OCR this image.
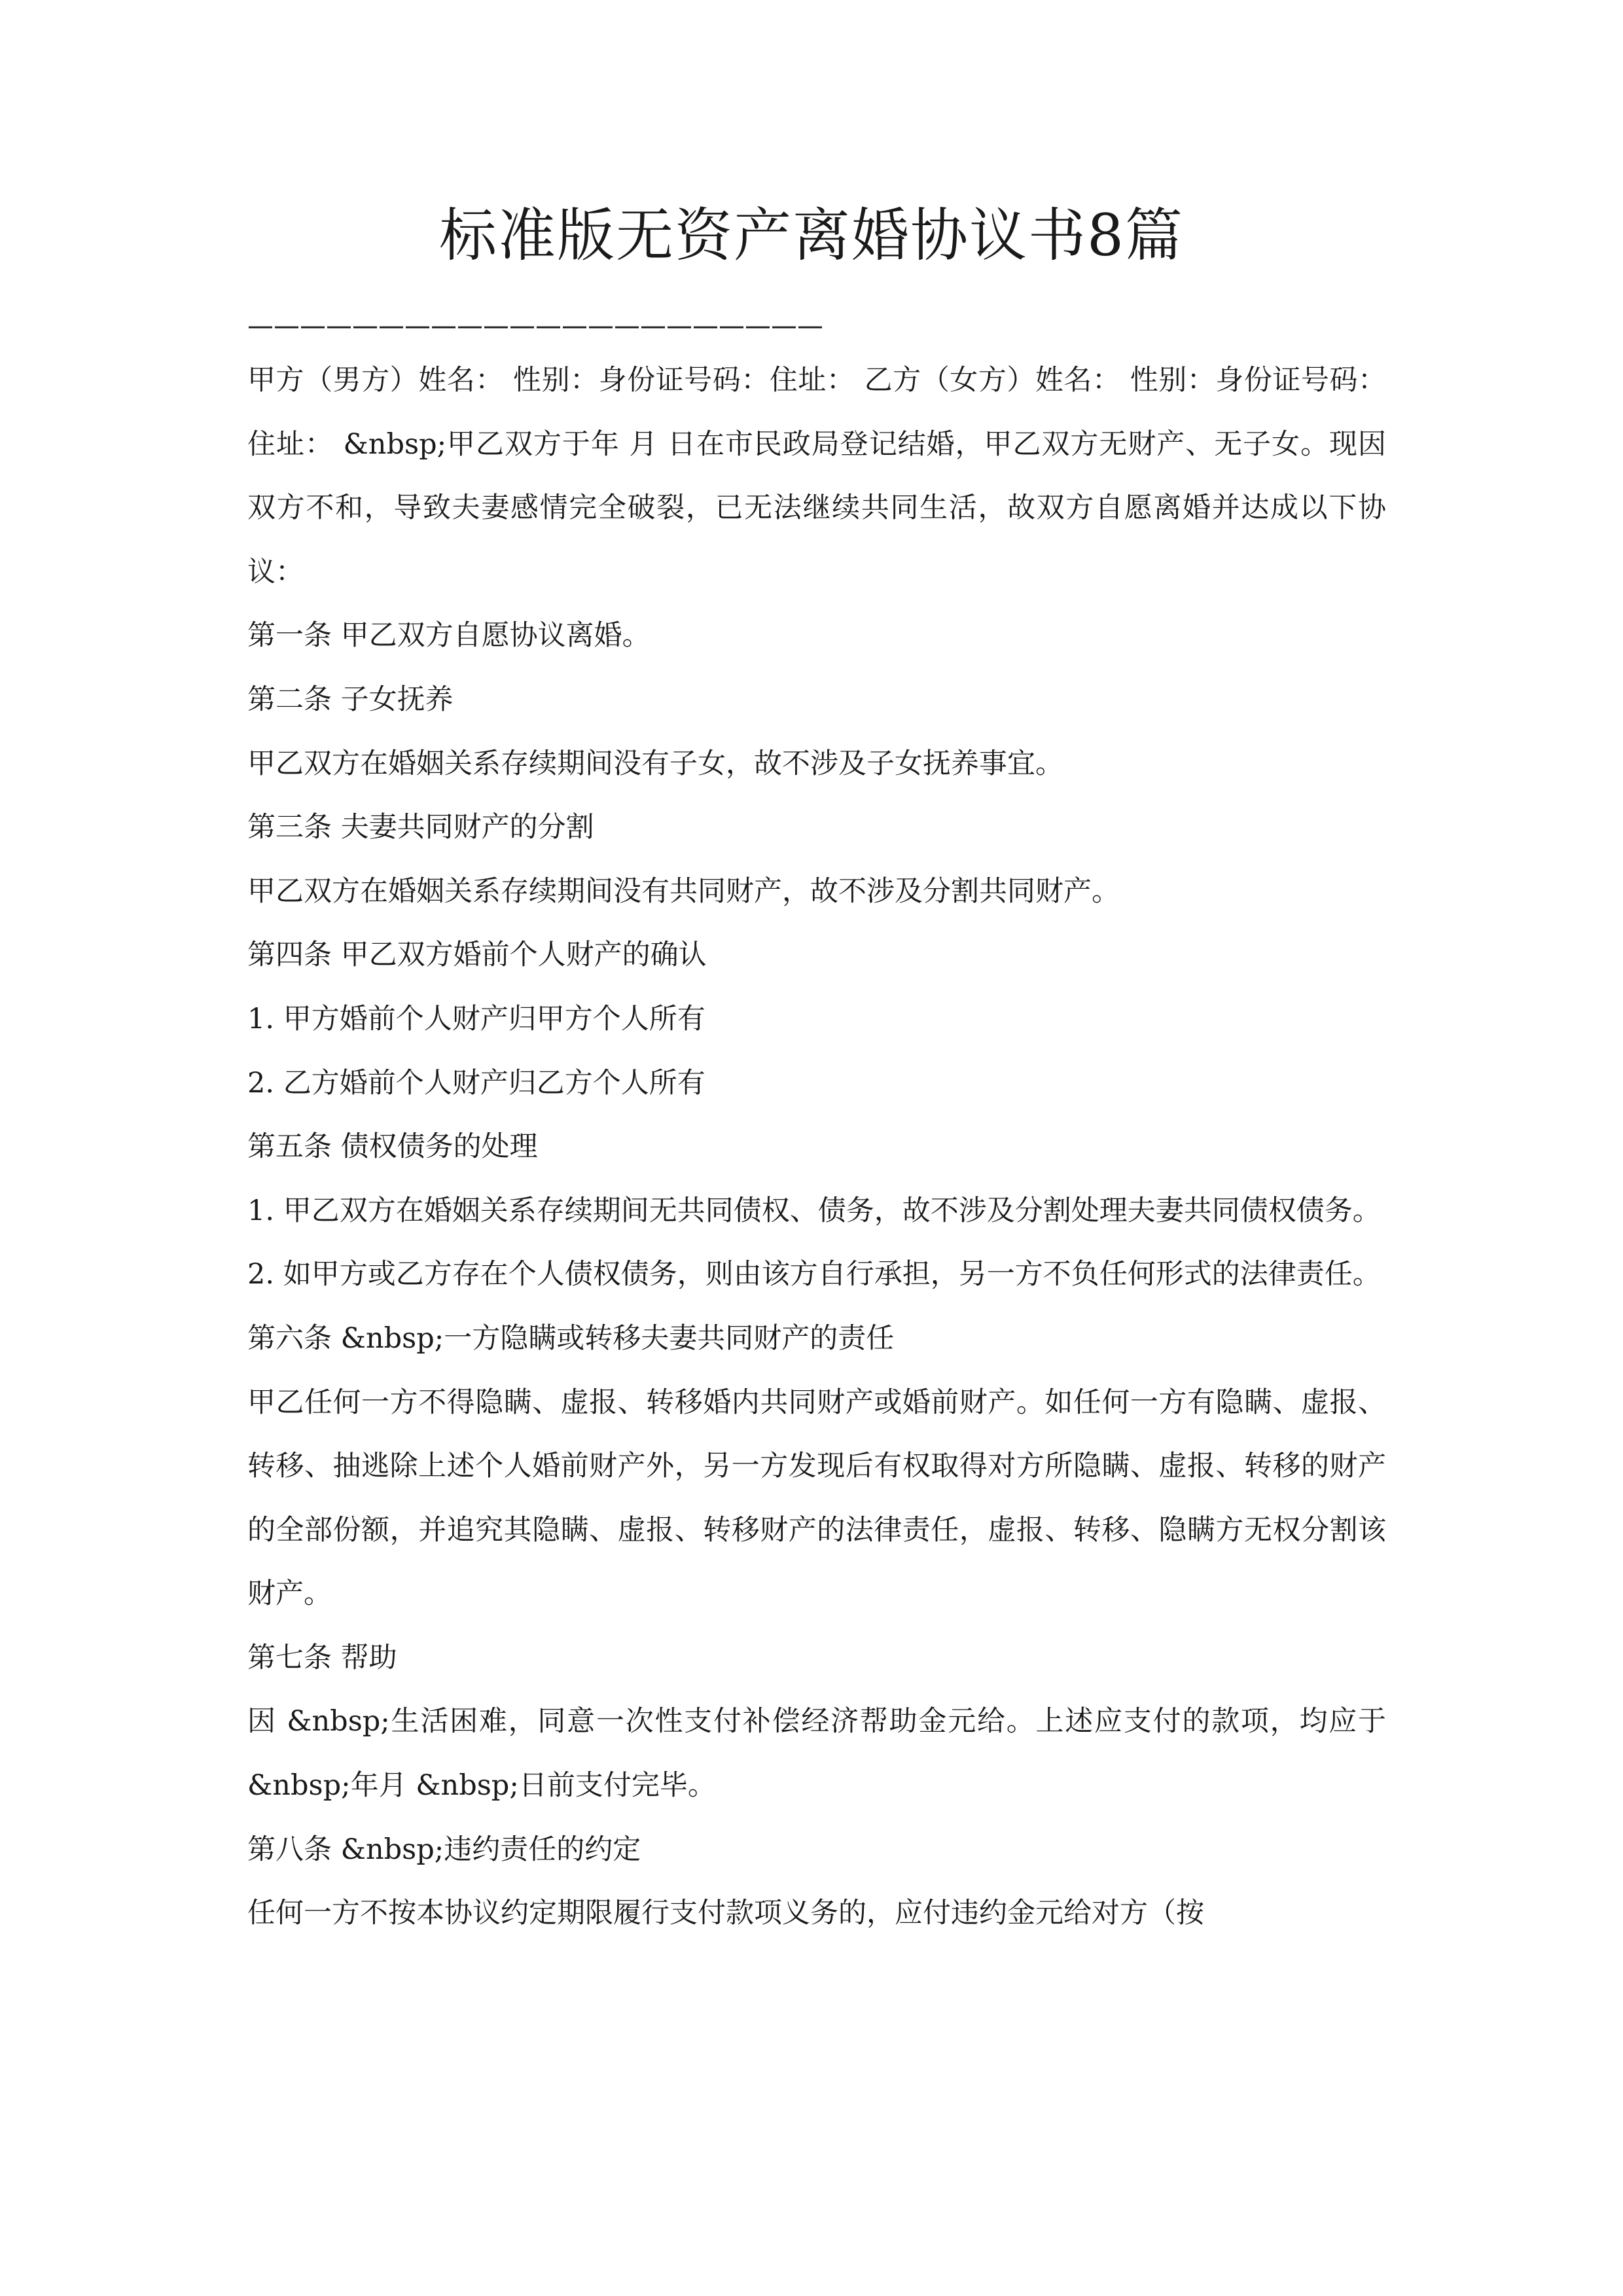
标准版无资产离婚协议书8篇
——————————————————————

甲方（男方）姓名： 性别：身份证号码：住址： 乙方（女方）姓名： 性别：身份证号码：住址： &nbsp;甲乙双方于年 月 日在市民政局登记结婚，甲乙双方无财产、无子女。现因双方不和，导致夫妻感情完全破裂，已无法继续共同生活，故双方自愿离婚并达成以下协议：

第一条 甲乙双方自愿协议离婚。

第二条 子女抚养

甲乙双方在婚姻关系存续期间没有子女，故不涉及子女抚养事宜。

第三条 夫妻共同财产的分割

甲乙双方在婚姻关系存续期间没有共同财产，故不涉及分割共同财产。

第四条 甲乙双方婚前个人财产的确认

1. 甲方婚前个人财产归甲方个人所有

2. 乙方婚前个人财产归乙方个人所有

第五条 债权债务的处理

1. 甲乙双方在婚姻关系存续期间无共同债权、债务，故不涉及分割处理夫妻共同债权债务。

2. 如甲方或乙方存在个人债权债务，则由该方自行承担，另一方不负任何形式的法律责任。

第六条 &nbsp;一方隐瞒或转移夫妻共同财产的责任

甲乙任何一方不得隐瞒、虚报、转移婚内共同财产或婚前财产。如任何一方有隐瞒、虚报、转移、抽逃除上述个人婚前财产外，另一方发现后有权取得对方所隐瞒、虚报、转移的财产的全部份额，并追究其隐瞒、虚报、转移财产的法律责任，虚报、转移、隐瞒方无权分割该财产。

第七条 帮助

因 &nbsp;生活困难，同意一次性支付补偿经济帮助金元给。上述应支付的款项，均应于 &nbsp;年月 &nbsp;日前支付完毕。

第八条 &nbsp;违约责任的约定

任何一方不按本协议约定期限履行支付款项义务的，应付违约金元给对方（按
